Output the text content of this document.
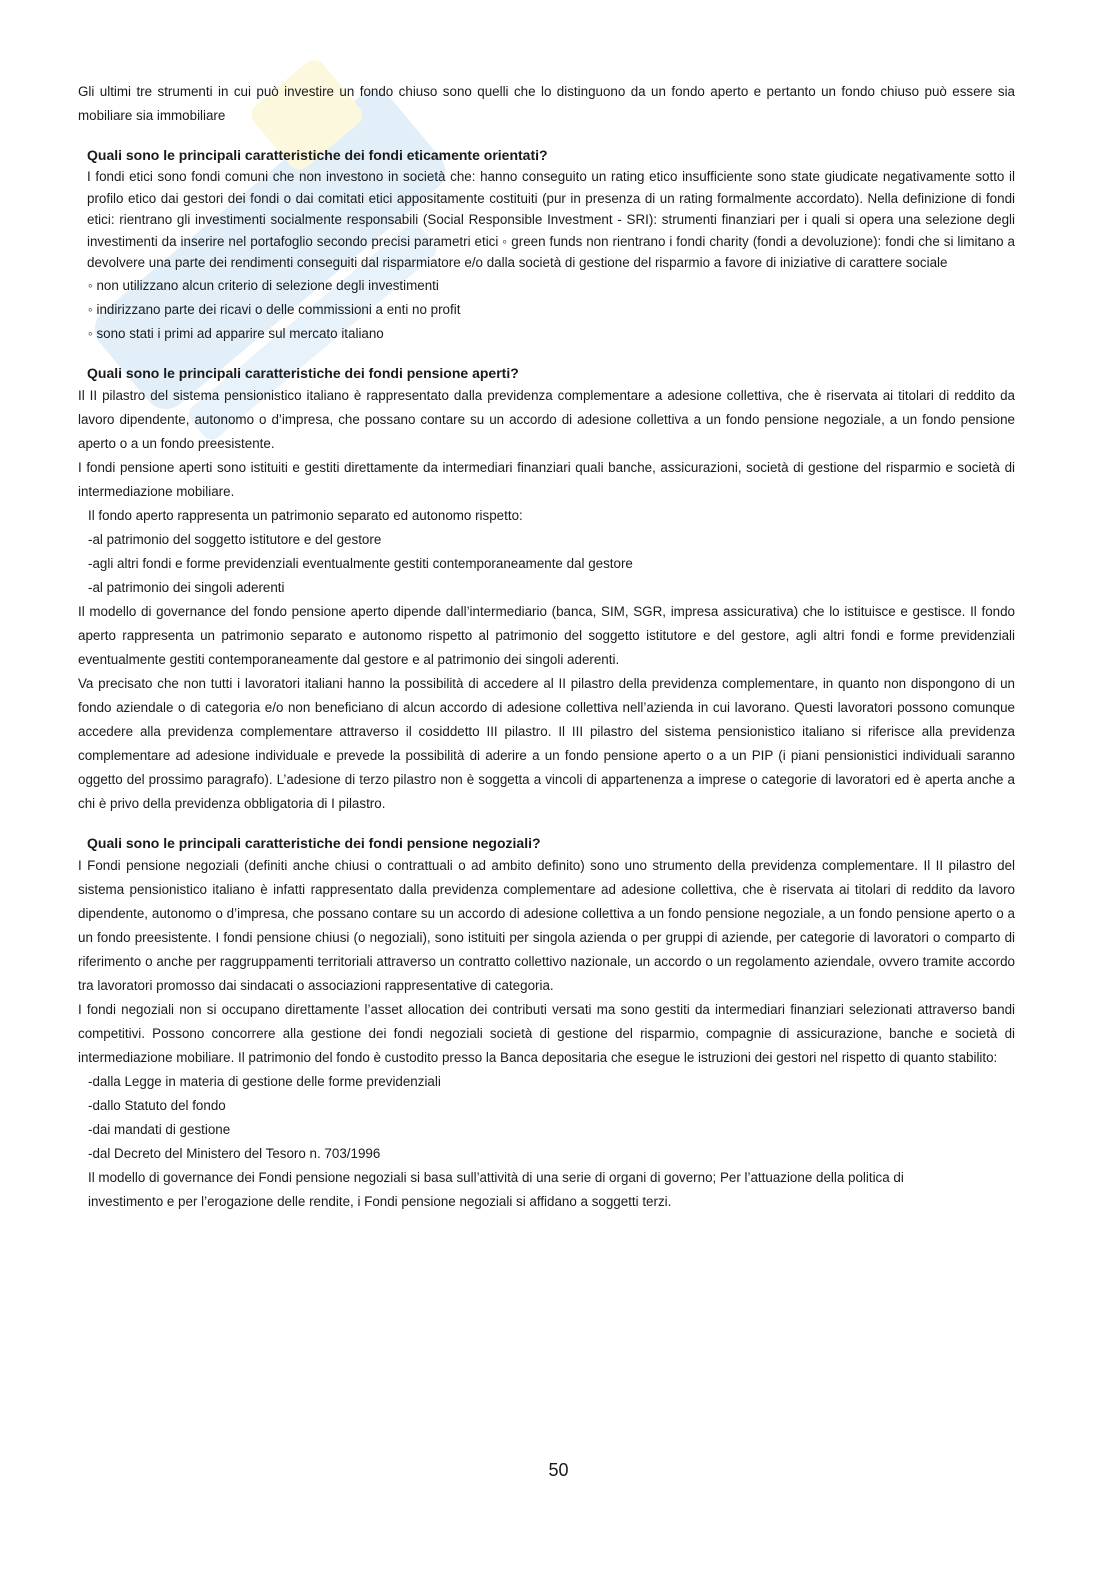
Gli ultimi tre strumenti in cui può investire un fondo chiuso sono quelli che lo distinguono da un fondo aperto e pertanto un fondo chiuso può essere sia mobiliare sia immobiliare

Quali sono le principali caratteristiche dei fondi eticamente orientati?

I fondi etici sono fondi comuni che non investono in società che: hanno conseguito un rating etico insufficiente sono state giudicate negativamente sotto il profilo etico dai gestori dei fondi o dai comitati etici appositamente costituiti (pur in presenza di un rating formalmente accordato). Nella definizione di fondi etici: rientrano gli investimenti socialmente responsabili (Social Responsible Investment - SRI): strumenti finanziari per i quali si opera una selezione degli investimenti da inserire nel portafoglio secondo precisi parametri etici ◦ green funds non rientrano i fondi charity (fondi a devoluzione): fondi che si limitano a devolvere una parte dei rendimenti conseguiti dal risparmiatore e/o dalla società di gestione del risparmio a favore di iniziative di carattere sociale

◦ non utilizzano alcun criterio di selezione degli investimenti

◦ indirizzano parte dei ricavi o delle commissioni a enti no profit

◦ sono stati i primi ad apparire sul mercato italiano

Quali sono le principali caratteristiche dei fondi pensione aperti?

Il II pilastro del sistema pensionistico italiano è rappresentato dalla previdenza complementare a adesione collettiva, che è riservata ai titolari di reddito da lavoro dipendente, autonomo o d’impresa, che possano contare su un accordo di adesione collettiva a un fondo pensione negoziale, a un fondo pensione aperto o a un fondo preesistente.

I fondi pensione aperti sono istituiti e gestiti direttamente da intermediari finanziari quali banche, assicurazioni, società di gestione del risparmio e società di intermediazione mobiliare.

Il fondo aperto rappresenta un patrimonio separato ed autonomo rispetto:

-al patrimonio del soggetto istitutore e del gestore

-agli altri fondi e forme previdenziali eventualmente gestiti contemporaneamente dal gestore

-al patrimonio dei singoli aderenti

Il modello di governance del fondo pensione aperto dipende dall’intermediario (banca, SIM, SGR, impresa assicurativa) che lo istituisce e gestisce. Il fondo aperto rappresenta un patrimonio separato e autonomo rispetto al patrimonio del soggetto istitutore e del gestore, agli altri fondi e forme previdenziali eventualmente gestiti contemporaneamente dal gestore e al patrimonio dei singoli aderenti.

Va precisato che non tutti i lavoratori italiani hanno la possibilità di accedere al II pilastro della previdenza complementare, in quanto non dispongono di un fondo aziendale o di categoria e/o non beneficiano di alcun accordo di adesione collettiva nell’azienda in cui lavorano. Questi lavoratori possono comunque accedere alla previdenza complementare attraverso il cosiddetto III pilastro. Il III pilastro del sistema pensionistico italiano si riferisce alla previdenza complementare ad adesione individuale e prevede la possibilità di aderire a un fondo pensione aperto o a un PIP (i piani pensionistici individuali saranno oggetto del prossimo paragrafo). L’adesione di terzo pilastro non è soggetta a vincoli di appartenenza a imprese o categorie di lavoratori ed è aperta anche a chi è privo della previdenza obbligatoria di I pilastro.

Quali sono le principali caratteristiche dei fondi pensione negoziali?

I Fondi pensione negoziali (definiti anche chiusi o contrattuali o ad ambito definito) sono uno strumento della previdenza complementare. Il II pilastro del sistema pensionistico italiano è infatti rappresentato dalla previdenza complementare ad adesione collettiva, che è riservata ai titolari di reddito da lavoro dipendente, autonomo o d’impresa, che possano contare su un accordo di adesione collettiva a un fondo pensione negoziale, a un fondo pensione aperto o a un fondo preesistente. I fondi pensione chiusi (o negoziali), sono istituiti per singola azienda o per gruppi di aziende, per categorie di lavoratori o comparto di riferimento o anche per raggruppamenti territoriali attraverso un contratto collettivo nazionale, un accordo o un regolamento aziendale, ovvero tramite accordo tra lavoratori promosso dai sindacati o associazioni rappresentative di categoria.

I fondi negoziali non si occupano direttamente l’asset allocation dei contributi versati ma sono gestiti da intermediari finanziari selezionati attraverso bandi competitivi. Possono concorrere alla gestione dei fondi negoziali società di gestione del risparmio, compagnie di assicurazione, banche e società di intermediazione mobiliare. Il patrimonio del fondo è custodito presso la Banca depositaria che esegue le istruzioni dei gestori nel rispetto di quanto stabilito:

-dalla Legge in materia di gestione delle forme previdenziali

-dallo Statuto del fondo

-dai mandati di gestione

-dal Decreto del Ministero del Tesoro n. 703/1996

Il modello di governance dei Fondi pensione negoziali si basa sull’attività di una serie di organi di governo; Per l’attuazione della politica di

investimento e per l’erogazione delle rendite, i Fondi pensione negoziali si affidano a soggetti terzi.

50
